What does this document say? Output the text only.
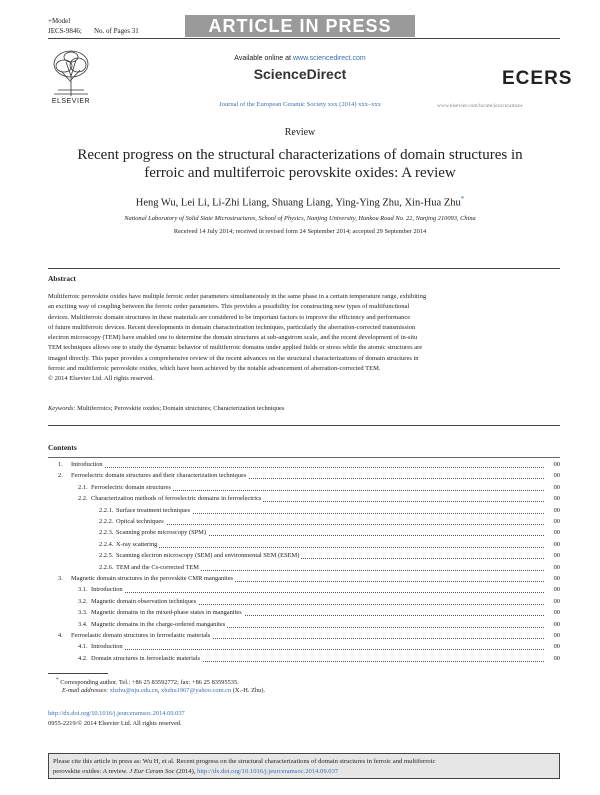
+Model
JECS-9846; No. of Pages 31	ARTICLE IN PRESS
ELSEVIER
Available online at www.sciencedirect.com
ScienceDirect
Journal of the European Ceramic Society xxx (2014) xxx–xxx
ECERS
www.elsevier.com/locate/jeurceramsoc
Review
Recent progress on the structural characterizations of domain structures in
ferroic and multiferroic perovskite oxides: A review
Heng Wu, Lei Li, Li-Zhi Liang, Shuang Liang, Ying-Ying Zhu, Xin-Hua Zhu*
National Laboratory of Solid State Microstructures, School of Physics, Nanjing University, Hankou Road No. 22, Nanjing 210093, China
Received 14 July 2014; received in revised form 24 September 2014; accepted 29 September 2014
Abstract
Multiferroic perovskite oxides have multiple ferroic order parameters simultaneously in the same phase in a certain temperature range, exhibiting
an exciting way of coupling between the ferroic order parameters. This provides a possibility for constructing new types of multifunctional
devices. Multiferroic domain structures in these materials are considered to be important factors to improve the efficiency and performance
of future multiferroic devices. Recent developments in domain characterization techniques, particularly the aberration-corrected transmission
electron microscopy (TEM) have enabled one to determine the domain structures at sub-angstrom scale, and the recent development of in-situ
TEM techniques allows one to study the dynamic behavior of multiferroic domains under applied fields or stress while the atomic structures are
imaged directly. This paper provides a comprehensive review of the recent advances on the structural characterizations of domain structures in
ferroic and multiferroic perovskite oxides, which have been achieved by the notable advancement of aberration-corrected TEM.
© 2014 Elsevier Ltd. All rights reserved.
Keywords: Multiferroics; Perovskite oxides; Domain structures; Characterization techniques
Contents
1. Introduction	00
2. Ferroelectric domain structures and their characterization techniques	00
2.1. Ferroelectric domain structures	00
2.2. Characterization methods of ferroelectric domains in ferroelectrics	00
2.2.1. Surface treatment techniques	00
2.2.2. Optical techniques	00
2.2.3. Scanning probe microscopy (SPM)	00
2.2.4. X-ray scattering	00
2.2.5. Scanning electron microscopy (SEM) and environmental SEM (ESEM)	00
2.2.6. TEM and the Cs-corrected TEM	00
3. Magnetic domain structures in the perovskite CMR manganites	00
3.1. Introduction	00
3.2. Magnetic domain observation techniques	00
3.3. Magnetic domains in the mixed-phase states in manganites	00
3.4. Magnetic domains in the charge-ordered manganites	00
4. Ferroelastic domain structures in ferroelastic materials	00
4.1. Introduction	00
4.2. Domain structures in ferroelastic materials	00
* Corresponding author. Tel.: +86 25 83592772; fax: +86 25 83595535.
E-mail addresses: xhzhu@nju.edu.cn, xhzhu1967@yahoo.com.cn (X.-H. Zhu).
http://dx.doi.org/10.1016/j.jeurceramsoc.2014.09.037
0955-2219/© 2014 Elsevier Ltd. All rights reserved.
Please cite this article in press as: Wu H, et al. Recent progress on the structural characterizations of domain structures in ferroic and multiferroic
perovskite oxides: A review. J Eur Ceram Soc (2014), http://dx.doi.org/10.1016/j.jeurceramsoc.2014.09.037
